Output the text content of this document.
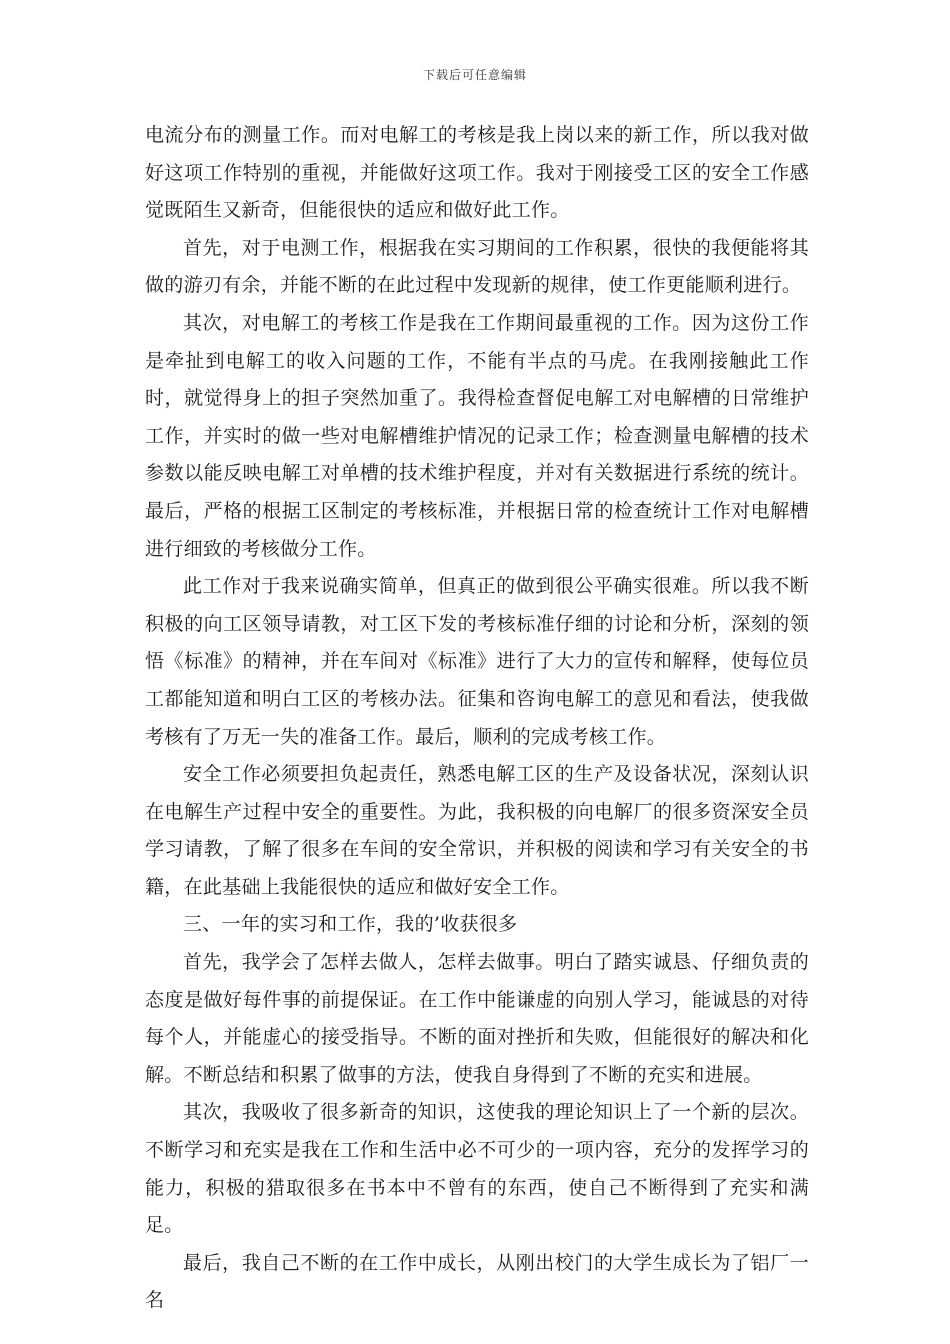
下载后可任意编辑

电流分布的测量工作。而对电解工的考核是我上岗以来的新工作，所以我对做好这项工作特别的重视，并能做好这项工作。我对于刚接受工区的安全工作感觉既陌生又新奇，但能很快的适应和做好此工作。

首先，对于电测工作，根据我在实习期间的工作积累，很快的我便能将其做的游刃有余，并能不断的在此过程中发现新的规律，使工作更能顺利进行。

其次，对电解工的考核工作是我在工作期间最重视的工作。因为这份工作是牵扯到电解工的收入问题的工作，不能有半点的马虎。在我刚接触此工作时，就觉得身上的担子突然加重了。我得检查督促电解工对电解槽的日常维护工作，并实时的做一些对电解槽维护情况的记录工作；检查测量电解槽的技术参数以能反映电解工对单槽的技术维护程度，并对有关数据进行系统的统计。最后，严格的根据工区制定的考核标准，并根据日常的检查统计工作对电解槽进行细致的考核做分工作。

此工作对于我来说确实简单，但真正的做到很公平确实很难。所以我不断积极的向工区领导请教，对工区下发的考核标准仔细的讨论和分析，深刻的领悟《标准》的精神，并在车间对《标准》进行了大力的宣传和解释，使每位员工都能知道和明白工区的考核办法。征集和咨询电解工的意见和看法，使我做考核有了万无一失的准备工作。最后，顺利的完成考核工作。

安全工作必须要担负起责任，熟悉电解工区的生产及设备状况，深刻认识在电解生产过程中安全的重要性。为此，我积极的向电解厂的很多资深安全员学习请教，了解了很多在车间的安全常识，并积极的阅读和学习有关安全的书籍，在此基础上我能很快的适应和做好安全工作。

三、一年的实习和工作，我的’收获很多

首先，我学会了怎样去做人，怎样去做事。明白了踏实诚恳、仔细负责的态度是做好每件事的前提保证。在工作中能谦虚的向别人学习，能诚恳的对待每个人，并能虚心的接受指导。不断的面对挫折和失败，但能很好的解决和化解。不断总结和积累了做事的方法，使我自身得到了不断的充实和进展。

其次，我吸收了很多新奇的知识，这使我的理论知识上了一个新的层次。不断学习和充实是我在工作和生活中必不可少的一项内容，充分的发挥学习的能力，积极的猎取很多在书本中不曾有的东西，使自己不断得到了充实和满足。

最后，我自己不断的在工作中成长，从刚出校门的大学生成长为了铝厂一名
